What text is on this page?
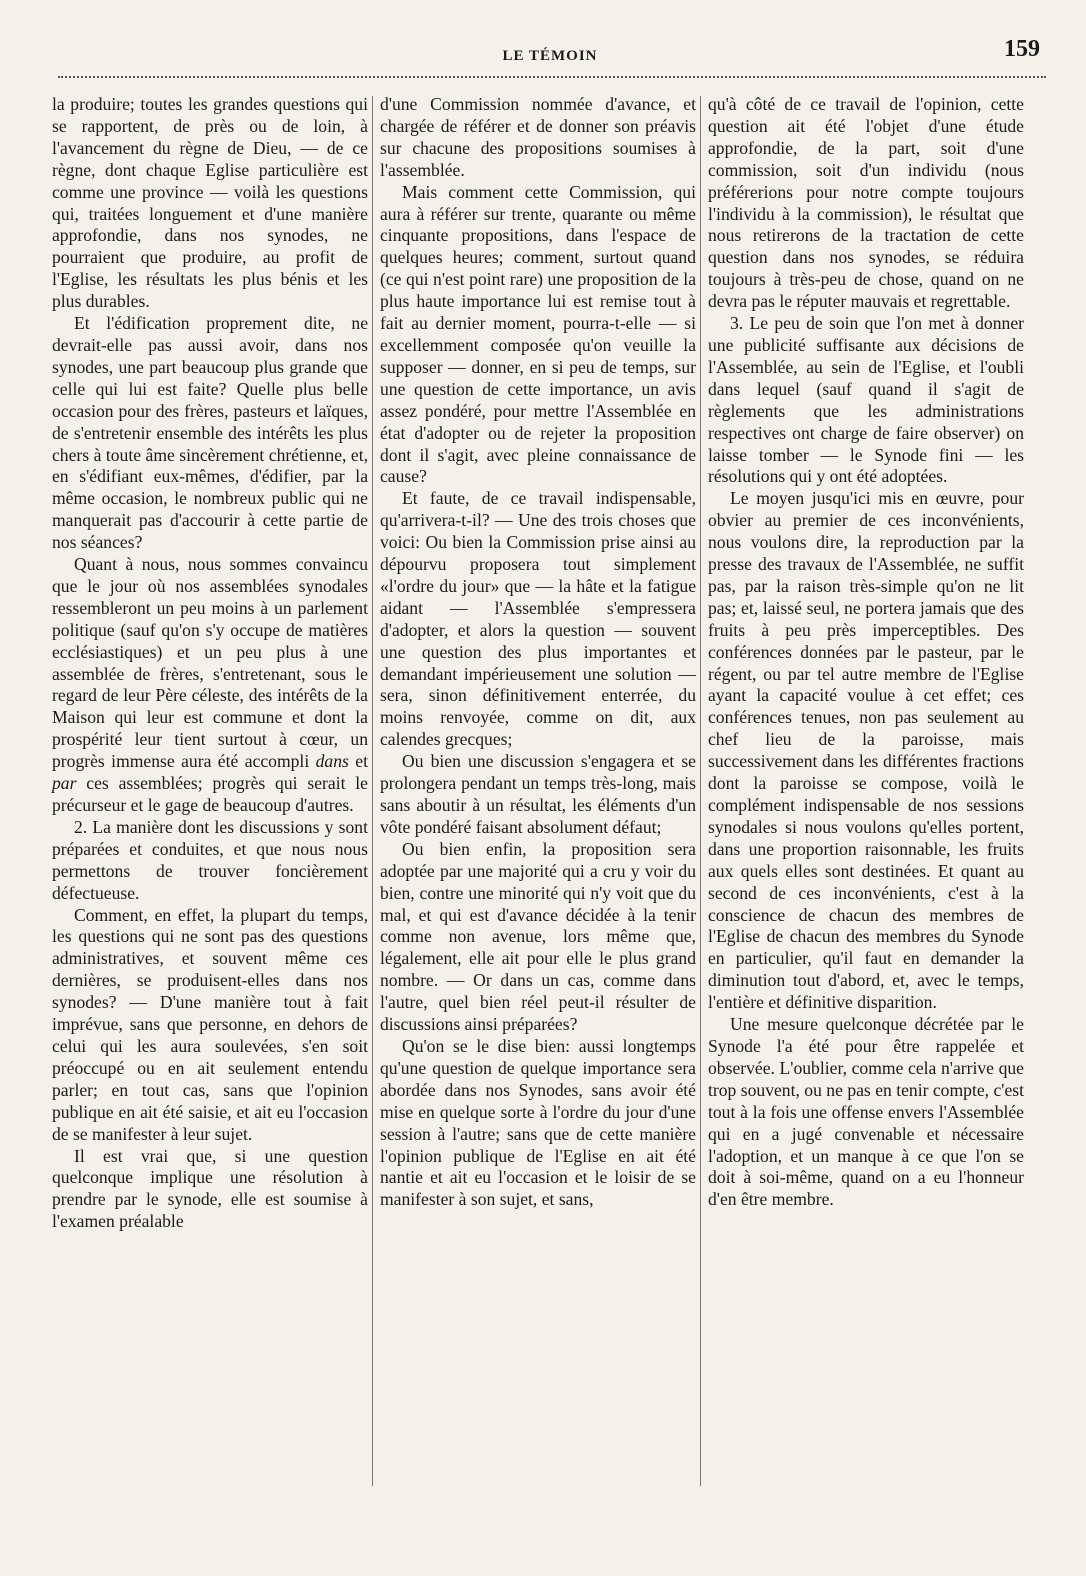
LE TÉMOIN	159

la produire; toutes les grandes questions qui se rapportent, de près ou de loin, à l'avancement du règne de Dieu, — de ce règne, dont chaque Eglise particulière est comme une province — voilà les questions qui, traitées longuement et d'une manière approfondie, dans nos synodes, ne pourraient que produire, au profit de l'Eglise, les résultats les plus bénis et les plus durables.

Et l'édification proprement dite, ne devrait-elle pas aussi avoir, dans nos synodes, une part beaucoup plus grande que celle qui lui est faite? Quelle plus belle occasion pour des frères, pasteurs et laïques, de s'entretenir ensemble des intérêts les plus chers à toute âme sincèrement chrétienne, et, en s'édifiant eux-mêmes, d'édifier, par la même occasion, le nombreux public qui ne manquerait pas d'accourir à cette partie de nos séances?

Quant à nous, nous sommes convaincu que le jour où nos assemblées synodales ressembleront un peu moins à un parlement politique (sauf qu'on s'y occupe de matières ecclésiastiques) et un peu plus à une assemblée de frères, s'entretenant, sous le regard de leur Père céleste, des intérêts de la Maison qui leur est commune et dont la prospérité leur tient surtout à cœur, un progrès immense aura été accompli dans et par ces assemblées; progrès qui serait le précurseur et le gage de beaucoup d'autres.

2. La manière dont les discussions y sont préparées et conduites, et que nous nous permettons de trouver foncièrement défectueuse.

Comment, en effet, la plupart du temps, les questions qui ne sont pas des questions administratives, et souvent même ces dernières, se produisent-elles dans nos synodes? — D'une manière tout à fait imprévue, sans que personne, en dehors de celui qui les aura soulevées, s'en soit préoccupé ou en ait seulement entendu parler; en tout cas, sans que l'opinion publique en ait été saisie, et ait eu l'occasion de se manifester à leur sujet.

Il est vrai que, si une question quelconque implique une résolution à prendre par le synode, elle est soumise à l'examen préalable

d'une Commission nommée d'avance, et chargée de référer et de donner son préavis sur chacune des propositions soumises à l'assemblée.

Mais comment cette Commission, qui aura à référer sur trente, quarante ou même cinquante propositions, dans l'espace de quelques heures; comment, surtout quand (ce qui n'est point rare) une proposition de la plus haute importance lui est remise tout à fait au dernier moment, pourra-t-elle — si excellemment composée qu'on veuille la supposer — donner, en si peu de temps, sur une question de cette importance, un avis assez pondéré, pour mettre l'Assemblée en état d'adopter ou de rejeter la proposition dont il s'agit, avec pleine connaissance de cause?

Et faute, de ce travail indispensable, qu'arrivera-t-il? — Une des trois choses que voici: Ou bien la Commission prise ainsi au dépourvu proposera tout simplement «l'ordre du jour» que — la hâte et la fatigue aidant — l'Assemblée s'empressera d'adopter, et alors la question — souvent une question des plus importantes et demandant impérieusement une solution — sera, sinon définitivement enterrée, du moins renvoyée, comme on dit, aux calendes grecques;

Ou bien une discussion s'engagera et se prolongera pendant un temps très-long, mais sans aboutir à un résultat, les éléments d'un vôte pondéré faisant absolument défaut;

Ou bien enfin, la proposition sera adoptée par une majorité qui a cru y voir du bien, contre une minorité qui n'y voit que du mal, et qui est d'avance décidée à la tenir comme non avenue, lors même que, légalement, elle ait pour elle le plus grand nombre. — Or dans un cas, comme dans l'autre, quel bien réel peut-il résulter de discussions ainsi préparées?

Qu'on se le dise bien: aussi longtemps qu'une question de quelque importance sera abordée dans nos Synodes, sans avoir été mise en quelque sorte à l'ordre du jour d'une session à l'autre; sans que de cette manière l'opinion publique de l'Eglise en ait été nantie et ait eu l'occasion et le loisir de se manifester à son sujet, et sans,

qu'à côté de ce travail de l'opinion, cette question ait été l'objet d'une étude approfondie, de la part, soit d'une commission, soit d'un individu (nous préférerions pour notre compte toujours l'individu à la commission), le résultat que nous retirerons de la tractation de cette question dans nos synodes, se réduira toujours à très-peu de chose, quand on ne devra pas le réputer mauvais et regrettable.

3. Le peu de soin que l'on met à donner une publicité suffisante aux décisions de l'Assemblée, au sein de l'Eglise, et l'oubli dans lequel (sauf quand il s'agit de règlements que les administrations respectives ont charge de faire observer) on laisse tomber — le Synode fini — les résolutions qui y ont été adoptées.

Le moyen jusqu'ici mis en œuvre, pour obvier au premier de ces inconvénients, nous voulons dire, la reproduction par la presse des travaux de l'Assemblée, ne suffit pas, par la raison très-simple qu'on ne lit pas; et, laissé seul, ne portera jamais que des fruits à peu près imperceptibles. Des conférences données par le pasteur, par le régent, ou par tel autre membre de l'Eglise ayant la capacité voulue à cet effet; ces conférences tenues, non pas seulement au chef lieu de la paroisse, mais successivement dans les différentes fractions dont la paroisse se compose, voilà le complément indispensable de nos sessions synodales si nous voulons qu'elles portent, dans une proportion raisonnable, les fruits aux quels elles sont destinées. Et quant au second de ces inconvénients, c'est à la conscience de chacun des membres de l'Eglise de chacun des membres du Synode en particulier, qu'il faut en demander la diminution tout d'abord, et, avec le temps, l'entière et définitive disparition.

Une mesure quelconque décrétée par le Synode l'a été pour être rappelée et observée. L'oublier, comme cela n'arrive que trop souvent, ou ne pas en tenir compte, c'est tout à la fois une offense envers l'Assemblée qui en a jugé convenable et nécessaire l'adoption, et un manque à ce que l'on se doit à soi-même, quand on a eu l'honneur d'en être membre.
